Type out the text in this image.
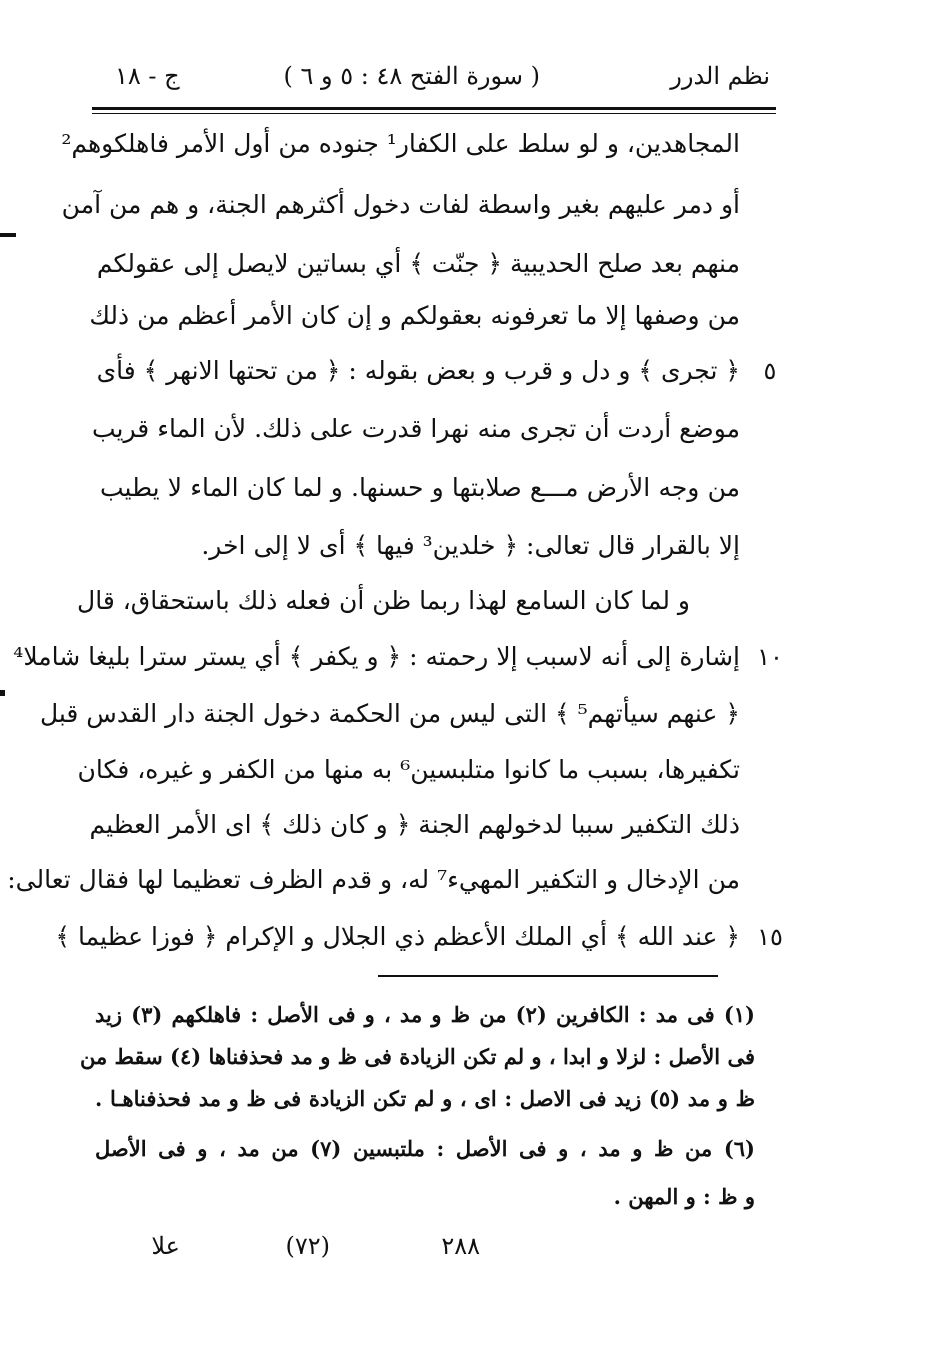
نظم الدرر
( سورة الفتح ٤٨ : ٥ و ٦ )
ج - ١٨
المجاهدين، و لو سلط على الكفار¹ جنوده من أول الأمر فاهلكوهم²
أو دمر عليهم بغير واسطة لفات دخول أكثرهم الجنة، و هم من آمن
منهم بعد صلح الحديبية ﴿ جنّت ﴾ أي بساتين لايصل إلى عقولكم
من وصفها إلا ما تعرفونه بعقولكم و إن كان الأمر أعظم من ذلك
﴿ تجرى ﴾ و دل و قرب و بعض بقوله : ﴿ من تحتها الانهر ﴾ فأى ٥
موضع أردت أن تجرى منه نهرا قدرت على ذلك. لأن الماء قريب
من وجه الأرض مـــع صلابتها و حسنها. و لما كان الماء لا يطيب
إلا بالقرار قال تعالى: ﴿ خلدين³ فيها ﴾ أى لا إلى اخر.
و لما كان السامع لهذا ربما ظن أن فعله ذلك باستحقاق، قال
إشارة إلى أنه لاسبب إلا رحمته : ﴿ و يكفر ﴾ أي يستر سترا بليغا شاملا⁴ ١٠
﴿ عنهم سيأتهم⁵ ﴾ التى ليس من الحكمة دخول الجنة دار القدس قبل
تكفيرها، بسبب ما كانوا متلبسين⁶ به منها من الكفر و غيره، فكان
ذلك التكفير سببا لدخولهم الجنة ﴿ و كان ذلك ﴾ اى الأمر العظيم
من الإدخال و التكفير المهيء⁷ له، و قدم الظرف تعظيما لها فقال تعالى:
﴿ عند الله ﴾ أي الملك الأعظم ذي الجلال و الإكرام ﴿ فوزا عظيما ﴾ ١٥
(١) فى مد : الكافرين (٢) من ظ و مد ، و فى الأصل : فاهلكهم (٣) زيد
فى الأصل : لزلا و ابدا ، و لم تكن الزيادة فى ظ و مد فحذفناها (٤) سقط من
ظ و مد (٥) زيد فى الاصل : اى ، و لم تكن الزيادة فى ظ و مد فحذفناهـا .
(٦) من ظ و مد ، و فى الأصل : ملتبسين (٧) من مد ، و فى الأصل
و ظ : و المهن .
٢٨٨
(٧٢)
علا
